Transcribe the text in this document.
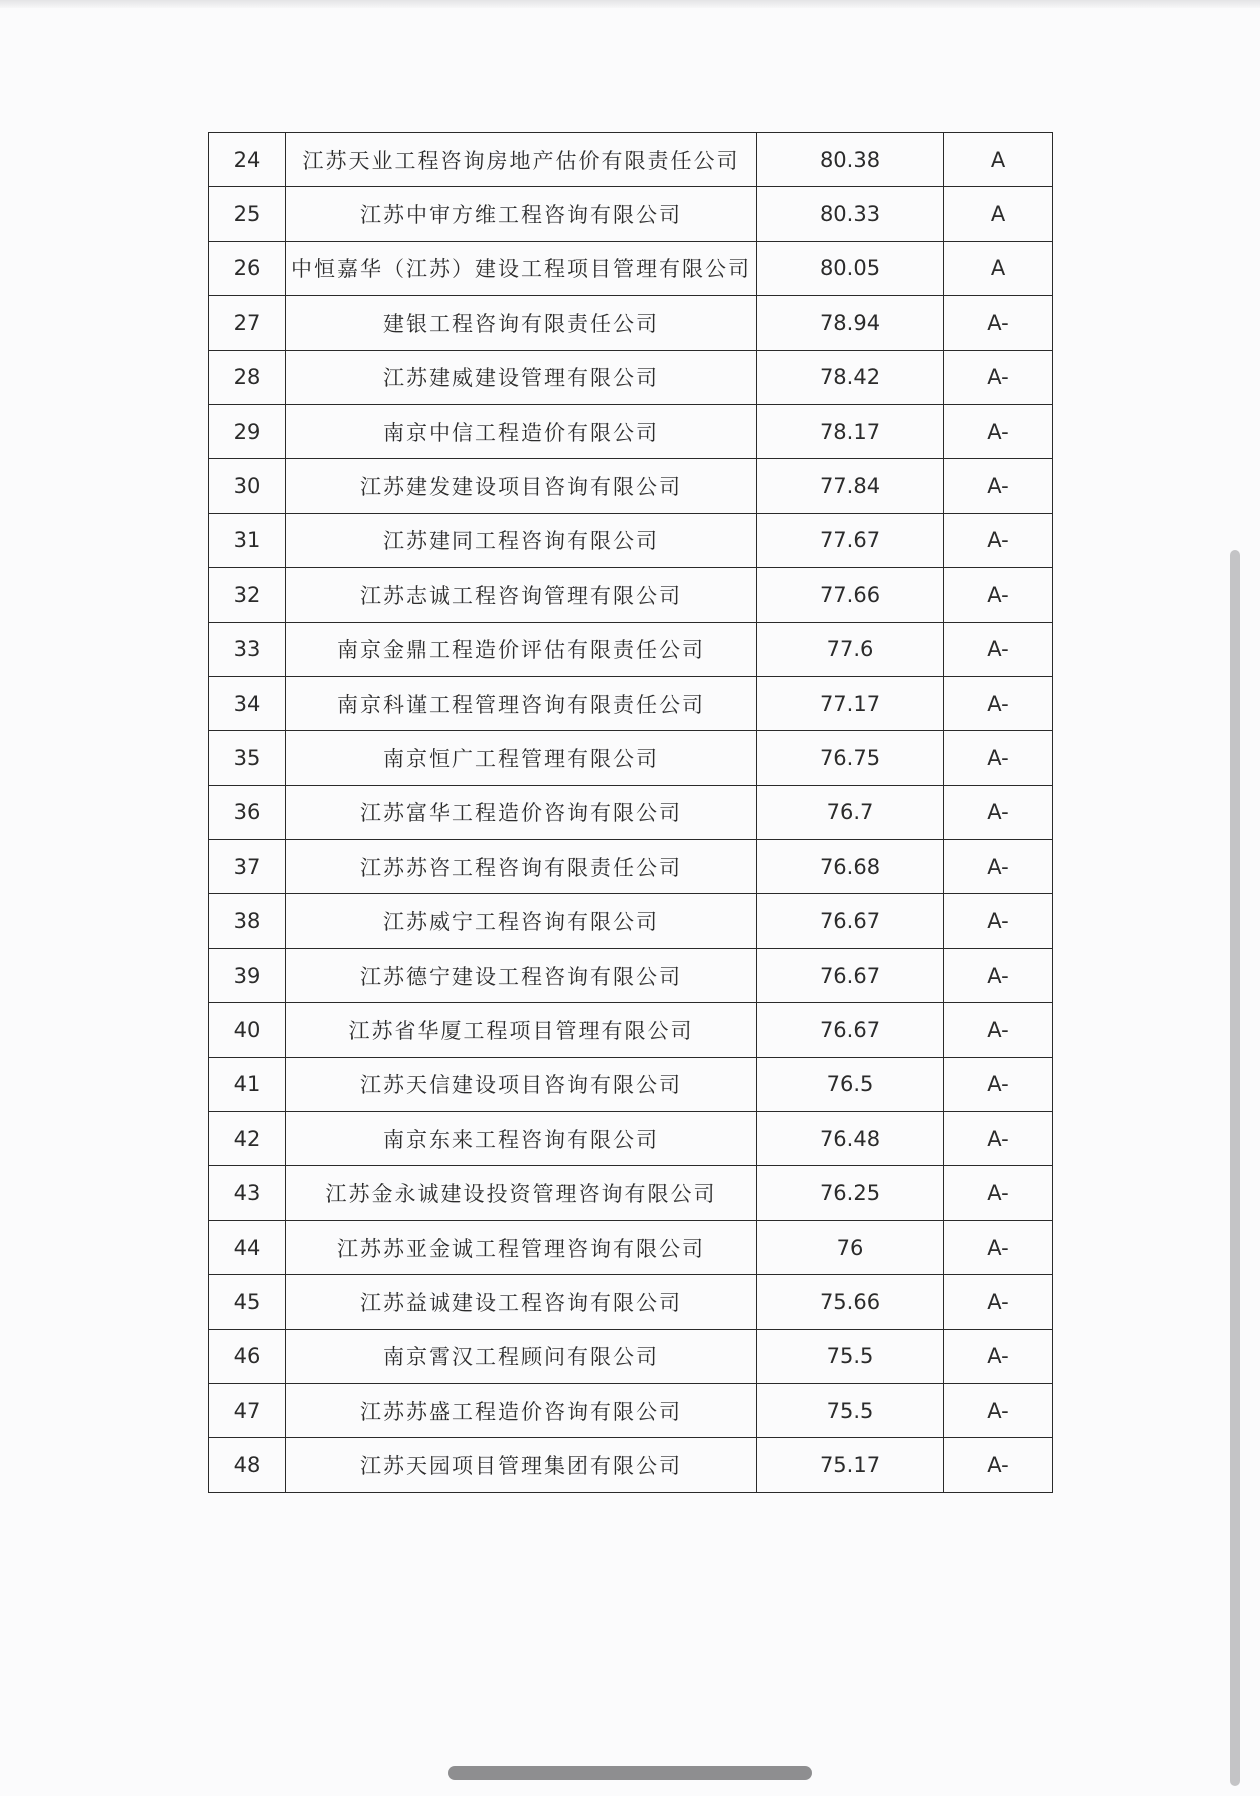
24	江苏天业工程咨询房地产估价有限责任公司	80.38	A
25	江苏中审方维工程咨询有限公司	80.33	A
26	中恒嘉华（江苏）建设工程项目管理有限公司	80.05	A
27	建银工程咨询有限责任公司	78.94	A-
28	江苏建威建设管理有限公司	78.42	A-
29	南京中信工程造价有限公司	78.17	A-
30	江苏建发建设项目咨询有限公司	77.84	A-
31	江苏建同工程咨询有限公司	77.67	A-
32	江苏志诚工程咨询管理有限公司	77.66	A-
33	南京金鼎工程造价评估有限责任公司	77.6	A-
34	南京科谨工程管理咨询有限责任公司	77.17	A-
35	南京恒广工程管理有限公司	76.75	A-
36	江苏富华工程造价咨询有限公司	76.7	A-
37	江苏苏咨工程咨询有限责任公司	76.68	A-
38	江苏威宁工程咨询有限公司	76.67	A-
39	江苏德宁建设工程咨询有限公司	76.67	A-
40	江苏省华厦工程项目管理有限公司	76.67	A-
41	江苏天信建设项目咨询有限公司	76.5	A-
42	南京东来工程咨询有限公司	76.48	A-
43	江苏金永诚建设投资管理咨询有限公司	76.25	A-
44	江苏苏亚金诚工程管理咨询有限公司	76	A-
45	江苏益诚建设工程咨询有限公司	75.66	A-
46	南京霄汉工程顾问有限公司	75.5	A-
47	江苏苏盛工程造价咨询有限公司	75.5	A-
48	江苏天园项目管理集团有限公司	75.17	A-
